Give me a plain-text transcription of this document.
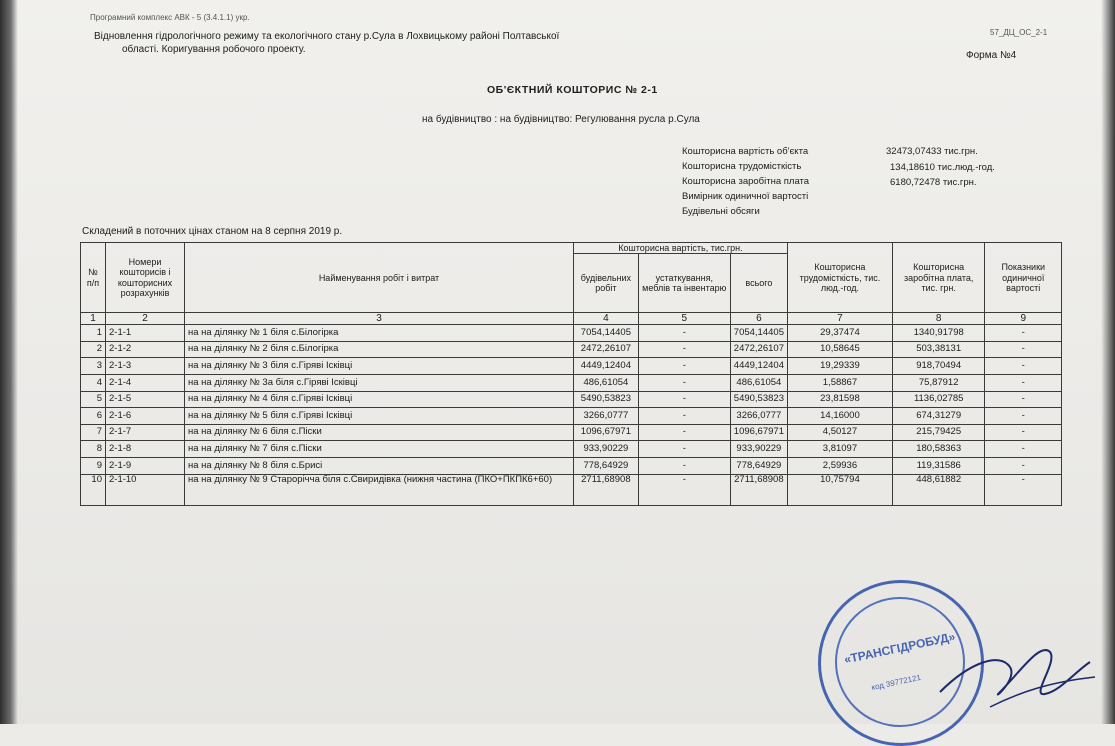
Програмний комплекс АВК - 5 (3.4.1.1) укр.
57_ДЦ_ОС_2-1
Відновлення гідрологічного режиму та екологічного стану р.Сула в Лохвицькому районі Полтавської
області. Коригування робочого проекту.
Форма №4
ОБ'ЄКТНИЙ КОШТОРИС № 2-1
на будівництво : на будівництво: Регулювання русла р.Сула
Кошторисна вартість об'єкта	32473,07433 тис.грн.
Кошторисна трудомісткість	134,18610 тис.люд.-год.
Кошторисна заробітна плата	6180,72478 тис.грн.
Вимірник одиничної вартості
Будівельні обсяги
Складений в поточних цінах станом на 8 серпня 2019 р.
№ п/п	Номери кошторисів і кошторисних розрахунків	Найменування робіт і витрат	Кошторисна вартість, тис.грн.			Кошторисна трудомісткість, тис. люд.-год.	Кошторисна заробітна плата, тис. грн.	Показники одиничної вартості
			будівельних робіт	устаткування, меблів та інвентарю	всього			
1	2	3	4	5	6	7	8	9
1	2-1-1	на на ділянку № 1 біля с.Білогірка	7054,14405	-	7054,14405	29,37474	1340,91798	-
2	2-1-2	на на ділянку № 2 біля с.Білогірка	2472,26107	-	2472,26107	10,58645	503,38131	-
3	2-1-3	на на ділянку № 3 біля с.Гіряві Ісківці	4449,12404	-	4449,12404	19,29339	918,70494	-
4	2-1-4	на на ділянку № 3а біля с.Гіряві Ісківці	486,61054	-	486,61054	1,58867	75,87912	-
5	2-1-5	на на ділянку № 4 біля с.Гіряві Ісківці	5490,53823	-	5490,53823	23,81598	1136,02785	-
6	2-1-6	на на ділянку № 5 біля с.Гіряві Ісківці	3266,0777	-	3266,0777	14,16000	674,31279	-
7	2-1-7	на на ділянку № 6 біля с.Піски	1096,67971	-	1096,67971	4,50127	215,79425	-
8	2-1-8	на на ділянку № 7 біля с.Піски	933,90229	-	933,90229	3,81097	180,58363	-
9	2-1-9	на на ділянку № 8 біля с.Брисі	778,64929	-	778,64929	2,59936	119,31586	-
10	2-1-10	на на ділянку № 9 Старорічча біля с.Свиридівка (нижня частина (ПКО+ПКПК6+60)	2711,68908	-	2711,68908	10,75794	448,61882	-
«ТРАНСГІДРОБУД»
код 39772121
